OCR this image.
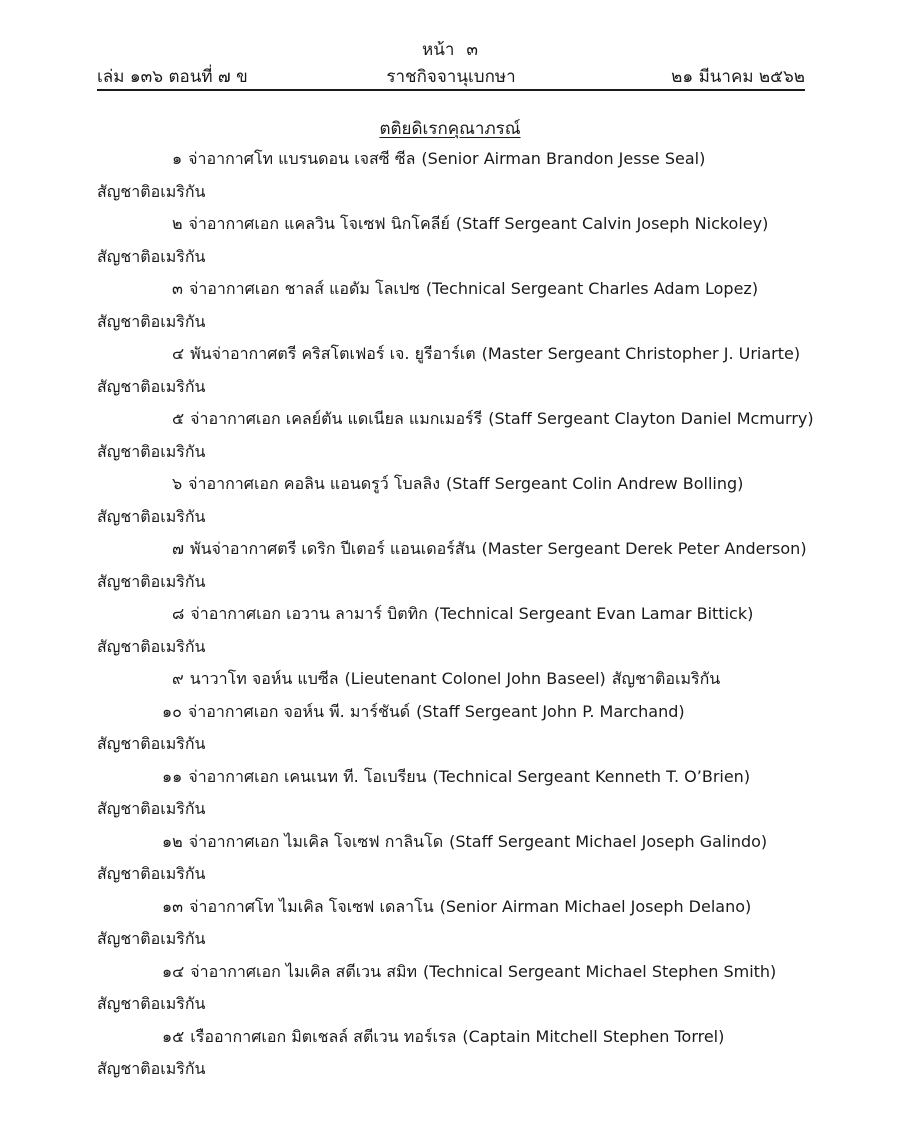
หน้า ๓
เล่ม ๑๓๖ ตอนที่ ๗ ข	ราชกิจจานุเบกษา	๒๑ มีนาคม ๒๕๖๒
ตติยดิเรกคุณาภรณ์
๑ จ่าอากาศโท แบรนดอน เจสซี ซีล (Senior Airman Brandon Jesse Seal)
สัญชาติอเมริกัน
๒ จ่าอากาศเอก แคลวิน โจเซฟ นิกโคลีย์ (Staff Sergeant Calvin Joseph Nickoley)
สัญชาติอเมริกัน
๓ จ่าอากาศเอก ชาลส์ แอดัม โลเปซ (Technical Sergeant Charles Adam Lopez)
สัญชาติอเมริกัน
๔ พันจ่าอากาศตรี คริสโตเฟอร์ เจ. ยูรีอาร์เต (Master Sergeant Christopher J. Uriarte)
สัญชาติอเมริกัน
๕ จ่าอากาศเอก เคลย์ตัน แดเนียล แมกเมอร์รี (Staff Sergeant Clayton Daniel Mcmurry)
สัญชาติอเมริกัน
๖ จ่าอากาศเอก คอลิน แอนดรูว์ โบลลิง (Staff Sergeant Colin Andrew Bolling)
สัญชาติอเมริกัน
๗ พันจ่าอากาศตรี เดริก ปีเตอร์ แอนเดอร์สัน (Master Sergeant Derek Peter Anderson)
สัญชาติอเมริกัน
๘ จ่าอากาศเอก เอวาน ลามาร์ บิตทิก (Technical Sergeant Evan Lamar Bittick)
สัญชาติอเมริกัน
๙ นาวาโท จอห์น แบซีล (Lieutenant Colonel John Baseel) สัญชาติอเมริกัน
๑๐ จ่าอากาศเอก จอห์น พี. มาร์ชันด์ (Staff Sergeant John P. Marchand)
สัญชาติอเมริกัน
๑๑ จ่าอากาศเอก เคนเนท ที. โอเบรียน (Technical Sergeant Kenneth T. O’Brien)
สัญชาติอเมริกัน
๑๒ จ่าอากาศเอก ไมเคิล โจเซฟ กาลินโด (Staff Sergeant Michael Joseph Galindo)
สัญชาติอเมริกัน
๑๓ จ่าอากาศโท ไมเคิล โจเซฟ เดลาโน (Senior Airman Michael Joseph Delano)
สัญชาติอเมริกัน
๑๔ จ่าอากาศเอก ไมเคิล สตีเวน สมิท (Technical Sergeant Michael Stephen Smith)
สัญชาติอเมริกัน
๑๕ เรืออากาศเอก มิตเชลล์ สตีเวน ทอร์เรล (Captain Mitchell Stephen Torrel)
สัญชาติอเมริกัน
